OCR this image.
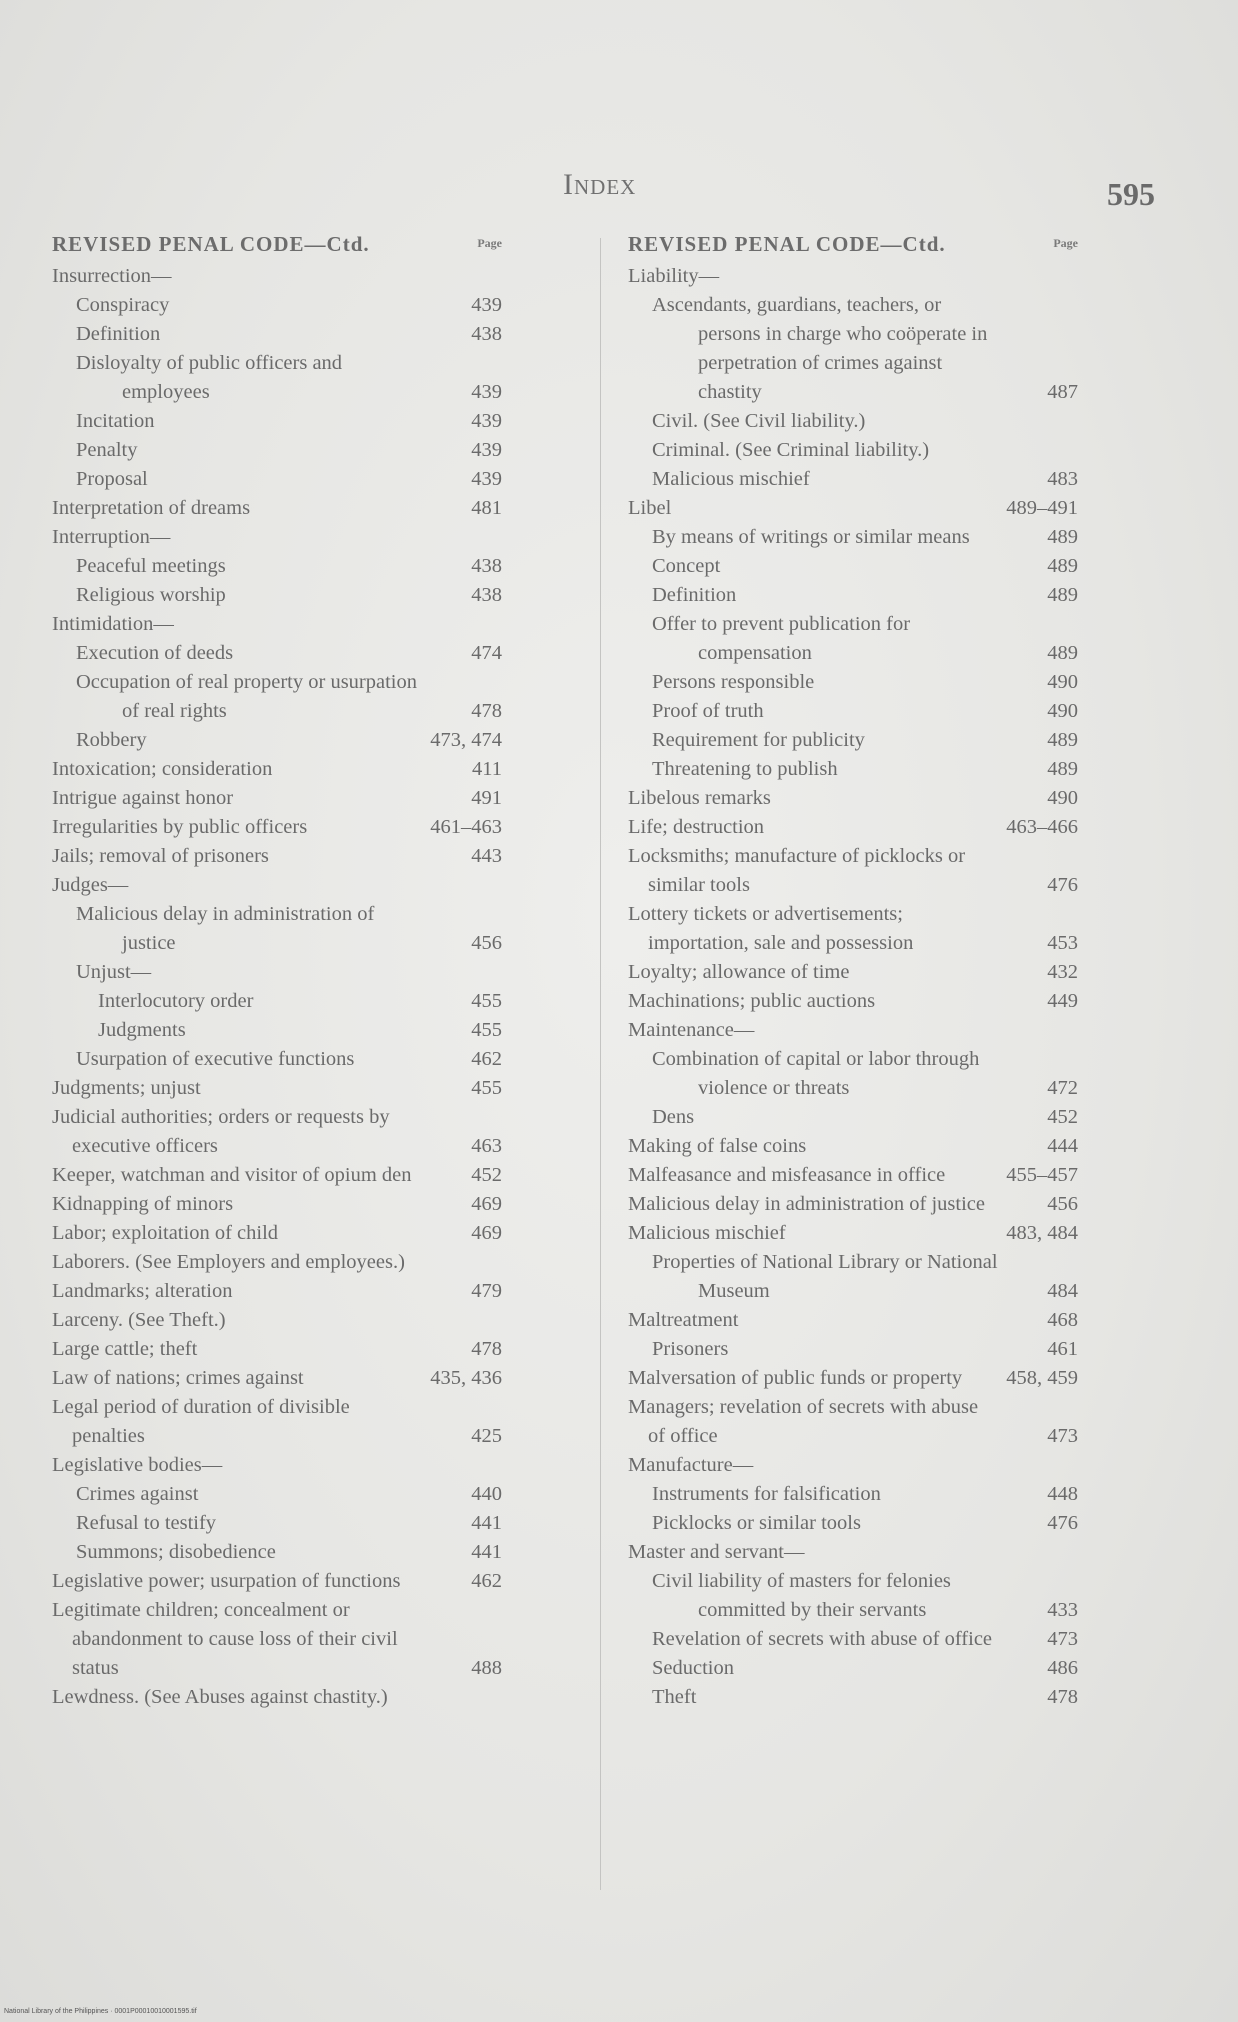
Index	595
REVISED PENAL CODE—Ctd.	Page
Insurrection—
Conspiracy	439
Definition	438
Disloyalty of public officers and employees	439
Incitation	439
Penalty	439
Proposal	439
Interpretation of dreams	481
Interruption—
Peaceful meetings	438
Religious worship	438
Intimidation—
Execution of deeds	474
Occupation of real property or usurpation of real rights	478
Robbery	473, 474
Intoxication; consideration	411
Intrigue against honor	491
Irregularities by public officers	461–463
Jails; removal of prisoners	443
Judges—
Malicious delay in administration of justice	456
Unjust—
Interlocutory order	455
Judgments	455
Usurpation of executive functions	462
Judgments; unjust	455
Judicial authorities; orders or requests by executive officers	463
Keeper, watchman and visitor of opium den	452
Kidnapping of minors	469
Labor; exploitation of child	469
Laborers. (See Employers and employees.)
Landmarks; alteration	479
Larceny. (See Theft.)
Large cattle; theft	478
Law of nations; crimes against	435, 436
Legal period of duration of divisible penalties	425
Legislative bodies—
Crimes against	440
Refusal to testify	441
Summons; disobedience	441
Legislative power; usurpation of functions	462
Legitimate children; concealment or abandonment to cause loss of their civil status	488
Lewdness. (See Abuses against chastity.)
REVISED PENAL CODE—Ctd.	Page
Liability—
Ascendants, guardians, teachers, or persons in charge who coöperate in perpetration of crimes against chastity	487
Civil. (See Civil liability.)
Criminal. (See Criminal liability.)
Malicious mischief	483
Libel	489–491
By means of writings or similar means	489
Concept	489
Definition	489
Offer to prevent publication for compensation	489
Persons responsible	490
Proof of truth	490
Requirement for publicity	489
Threatening to publish	489
Libelous remarks	490
Life; destruction	463–466
Locksmiths; manufacture of picklocks or similar tools	476
Lottery tickets or advertisements; importation, sale and possession	453
Loyalty; allowance of time	432
Machinations; public auctions	449
Maintenance—
Combination of capital or labor through violence or threats	472
Dens	452
Making of false coins	444
Malfeasance and misfeasance in office	455–457
Malicious delay in administration of justice	456
Malicious mischief	483, 484
Properties of National Library or National Museum	484
Maltreatment	468
Prisoners	461
Malversation of public funds or property	458, 459
Managers; revelation of secrets with abuse of office	473
Manufacture—
Instruments for falsification	448
Picklocks or similar tools	476
Master and servant—
Civil liability of masters for felonies committed by their servants	433
Revelation of secrets with abuse of office	473
Seduction	486
Theft	478
National Library of the Philippines · 0001P00010010001595.tif
